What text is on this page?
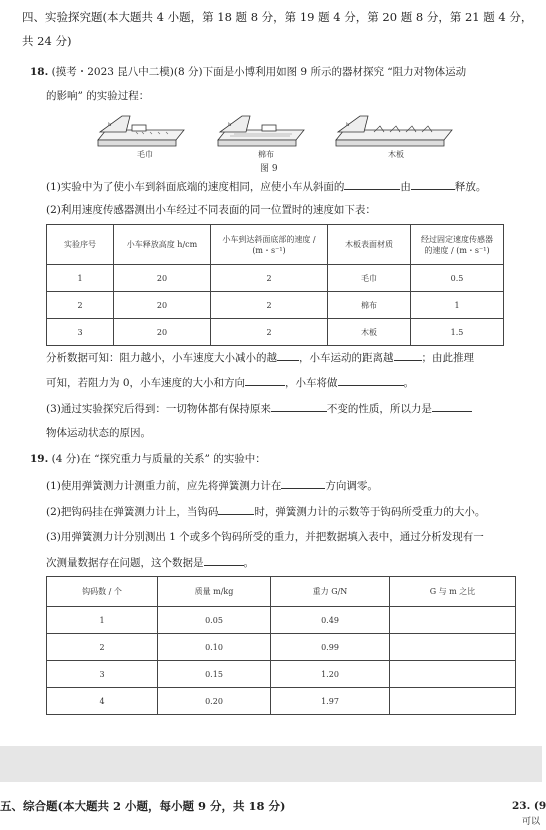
四、实验探究题(本大题共 4 小题，第 18 题 8 分，第 19 题 4 分，第 20 题 8 分，第 21 题 4 分，
共 24 分)
18. (摸考・2023 昆八中二模)(8 分)下面是小博利用如图 9 所示的器材探究 “阻力对物体运动
的影响” 的实验过程：
h	h	h
毛巾	棉布	木板
图 9
(1)实验中为了使小车到斜面底端的速度相同，应使小车从斜面的	由	释放。
(2)利用速度传感器测出小车经过不同表面的同一位置时的速度如下表：
实验序号	小车释放高度 h/cm	小车到达斜面底部的速度 / (m・s⁻¹)	木板表面材质	经过固定速度传感器的速度 / (m・s⁻¹)
1	20	2	毛巾	0.5
2	20	2	棉布	1
3	20	2	木板	1.5
分析数据可知：阻力越小，小车速度大小减小的越 ，小车运动的距离越	；由此推理
可知，若阻力为 0，小车速度的大小和方向	，小车将做	。
(3)通过实验探究后得到：一切物体都有保持原来	不变的性质，所以力是
物体运动状态的原因。
19. (4 分)在 “探究重力与质量的关系” 的实验中：
(1)使用弹簧测力计测重力前，应先将弹簧测力计在	方向调零。
(2)把钩码挂在弹簧测力计上，当钩码	时，弹簧测力计的示数等于钩码所受重力的大小。
(3)用弹簧测力计分别测出 1 个或多个钩码所受的重力，并把数据填入表中，通过分析发现有一
次测量数据存在问题，这个数据是	。
钩码数 / 个	质量 m/kg	重力 G/N	G 与 m 之比
1	0.05	0.49	
2	0.10	0.99	
3	0.15	1.20	
4	0.20	1.97	
五、综合题(本大题共 2 小题，每小题 9 分，共 18 分)	23. (9
可以
